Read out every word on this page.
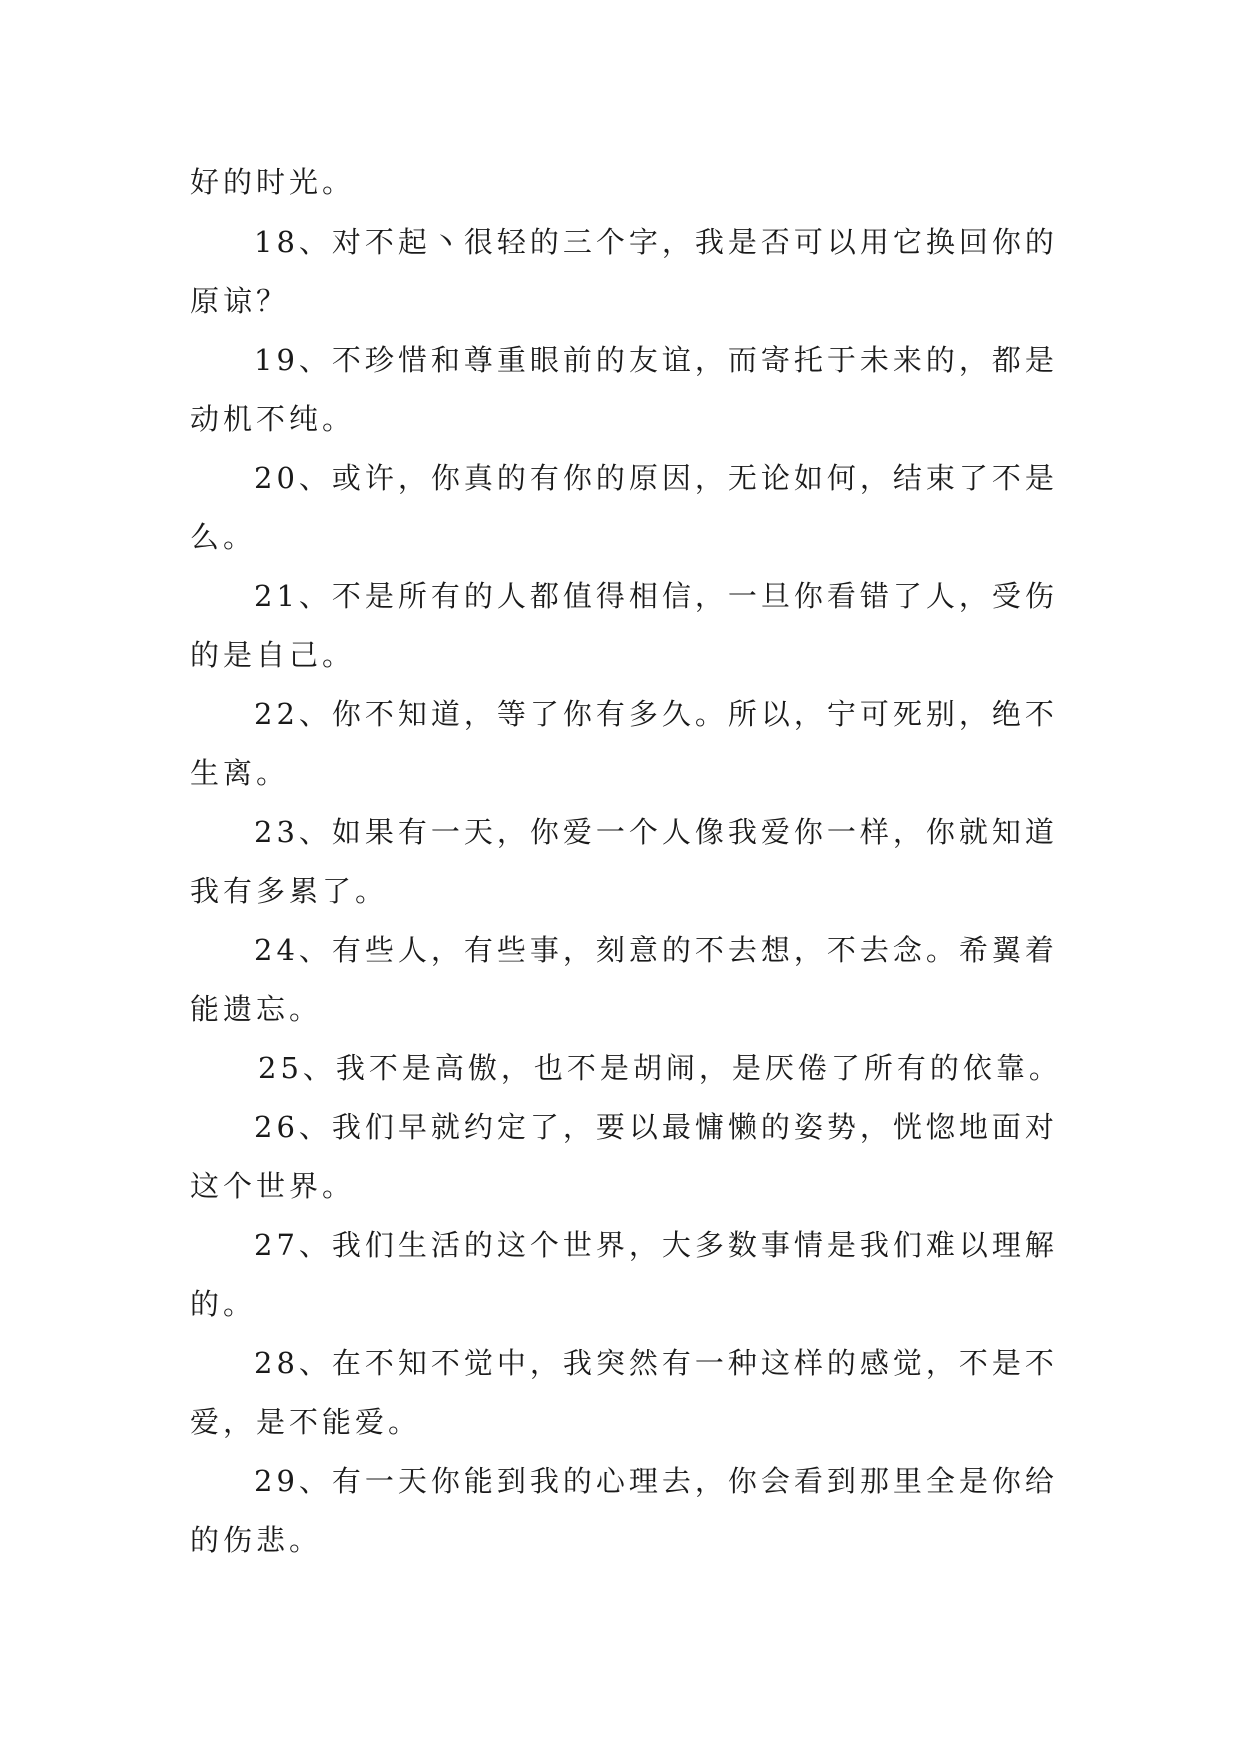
好的时光。
18、对不起丶很轻的三个字，我是否可以用它换回你的
原谅？
19、不珍惜和尊重眼前的友谊，而寄托于未来的，都是
动机不纯。
20、或许，你真的有你的原因，无论如何，结束了不是
么。
21、不是所有的人都值得相信，一旦你看错了人，受伤
的是自己。
22、你不知道，等了你有多久。所以，宁可死别，绝不
生离。
23、如果有一天，你爱一个人像我爱你一样，你就知道
我有多累了。
24、有些人，有些事，刻意的不去想，不去念。希翼着
能遗忘。
25、我不是高傲，也不是胡闹，是厌倦了所有的依靠。
26、我们早就约定了，要以最慵懒的姿势，恍惚地面对
这个世界。
27、我们生活的这个世界，大多数事情是我们难以理解
的。
28、在不知不觉中，我突然有一种这样的感觉，不是不
爱，是不能爱。
29、有一天你能到我的心理去，你会看到那里全是你给
的伤悲。
